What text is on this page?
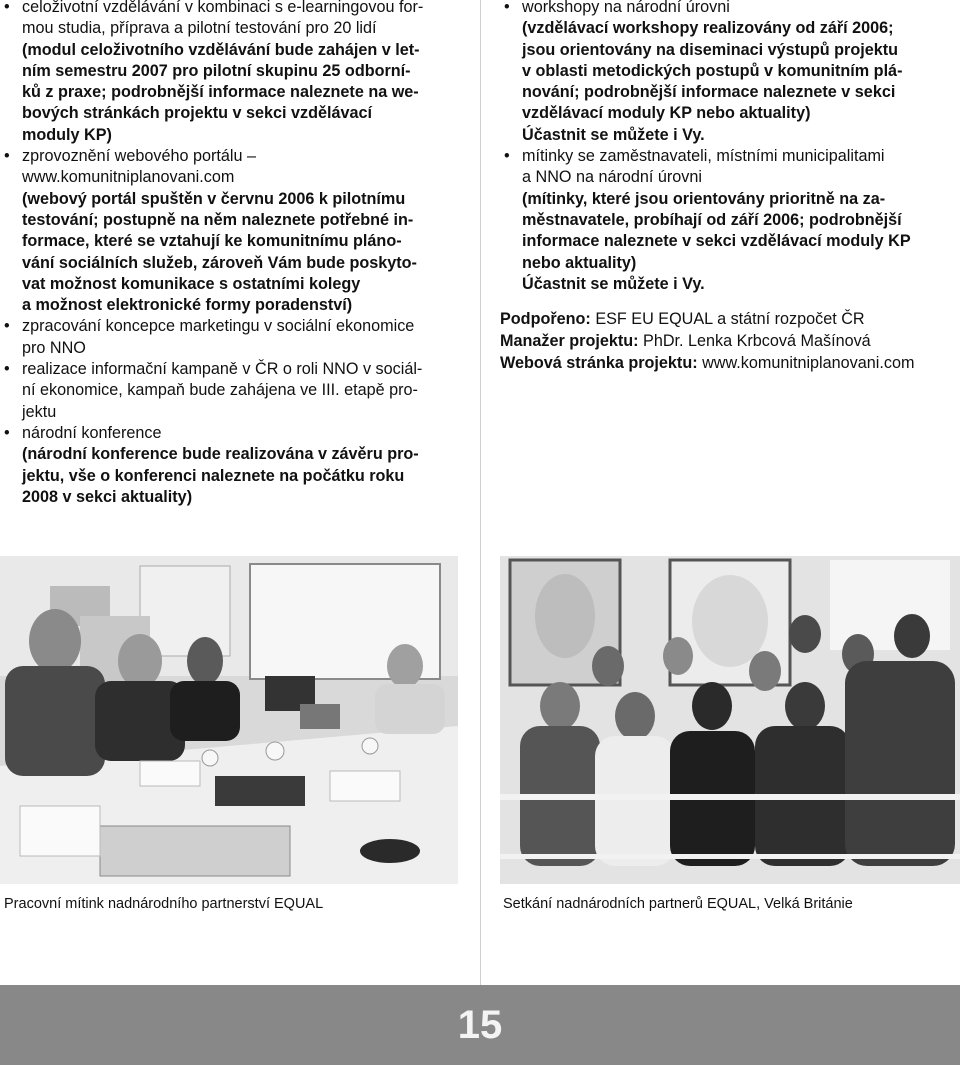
• celoživotní vzdělávání v kombinaci s e-learningovou for-
mou studia, příprava a pilotní testování pro 20 lidí
(modul celoživotního vzdělávání bude zahájen v let-
ním semestru 2007 pro pilotní skupinu 25 odborní-
ků z praxe; podrobnější informace naleznete na we-
bových stránkách projektu v sekci vzdělávací
moduly KP)
• zprovoznění webového portálu –
www.komunitniplanovani.com
(webový portál spuštěn v červnu 2006 k pilotnímu
testování; postupně na něm naleznete potřebné in-
formace, které se vztahují ke komunitnímu pláno-
vání sociálních služeb, zároveň Vám bude poskyto-
vat možnost komunikace s ostatními kolegy
a možnost elektronické formy poradenství)
• zpracování koncepce marketingu v sociální ekonomice
pro NNO
• realizace informační kampaně v ČR o roli NNO v sociál-
ní ekonomice, kampaň bude zahájena ve III. etapě pro-
jektu
• národní konference
(národní konference bude realizována v závěru pro-
jektu, vše o konferenci naleznete na počátku roku
2008 v sekci aktuality)
• workshopy na národní úrovni
(vzdělávací workshopy realizovány od září 2006;
jsou orientovány na diseminaci výstupů projektu
v oblasti metodických postupů v komunitním plá-
nování; podrobnější informace naleznete v sekci
vzdělávací moduly KP nebo aktuality)
Účastnit se můžete i Vy.
• mítinky se zaměstnavateli, místními municipalitami
a NNO na národní úrovni
(mítinky, které jsou orientovány prioritně na za-
městnavatele, probíhají od září 2006; podrobnější
informace naleznete v sekci vzdělávací moduly KP
nebo aktuality)
Účastnit se můžete i Vy.
Podpořeno: ESF EU EQUAL a státní rozpočet ČR
Manažer projektu: PhDr. Lenka Krbcová Mašínová
Webová stránka projektu: www.komunitniplanovani.com
Pracovní mítink nadnárodního partnerství EQUAL	Setkání nadnárodních partnerů EQUAL, Velká Británie
15
